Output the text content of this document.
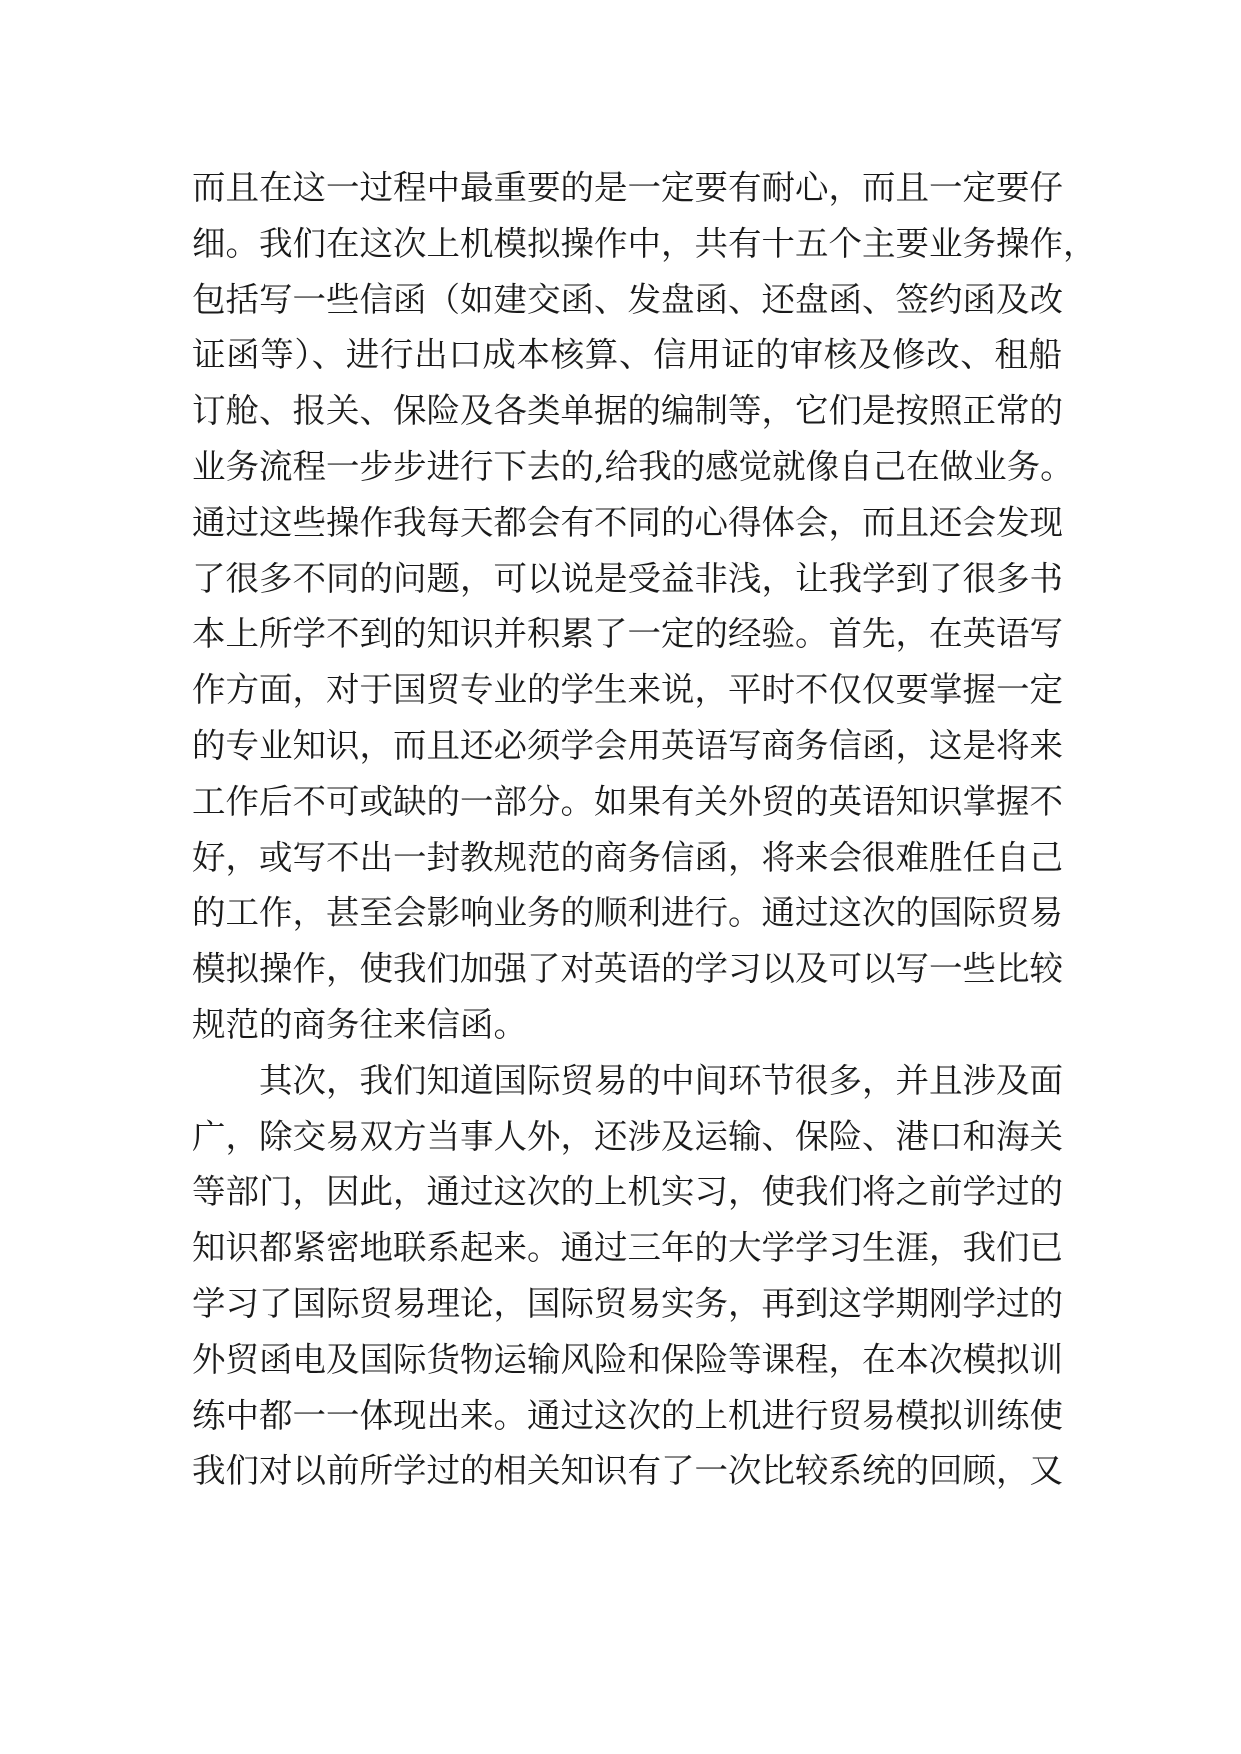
而且在这一过程中最重要的是一定要有耐心，而且一定要仔
细。我们在这次上机模拟操作中，共有十五个主要业务操作，
包括写一些信函（如建交函、发盘函、还盘函、签约函及改
证函等）、进行出口成本核算、信用证的审核及修改、租船
订舱、报关、保险及各类单据的编制等，它们是按照正常的
业务流程一步步进行下去的,给我的感觉就像自己在做业务。
通过这些操作我每天都会有不同的心得体会，而且还会发现
了很多不同的问题，可以说是受益非浅，让我学到了很多书
本上所学不到的知识并积累了一定的经验。首先，在英语写
作方面，对于国贸专业的学生来说，平时不仅仅要掌握一定
的专业知识，而且还必须学会用英语写商务信函，这是将来
工作后不可或缺的一部分。如果有关外贸的英语知识掌握不
好，或写不出一封教规范的商务信函，将来会很难胜任自己
的工作，甚至会影响业务的顺利进行。通过这次的国际贸易
模拟操作，使我们加强了对英语的学习以及可以写一些比较
规范的商务往来信函。
其次，我们知道国际贸易的中间环节很多，并且涉及面
广，除交易双方当事人外，还涉及运输、保险、港口和海关
等部门，因此，通过这次的上机实习，使我们将之前学过的
知识都紧密地联系起来。通过三年的大学学习生涯，我们已
学习了国际贸易理论，国际贸易实务，再到这学期刚学过的
外贸函电及国际货物运输风险和保险等课程，在本次模拟训
练中都一一体现出来。通过这次的上机进行贸易模拟训练使
我们对以前所学过的相关知识有了一次比较系统的回顾，又
